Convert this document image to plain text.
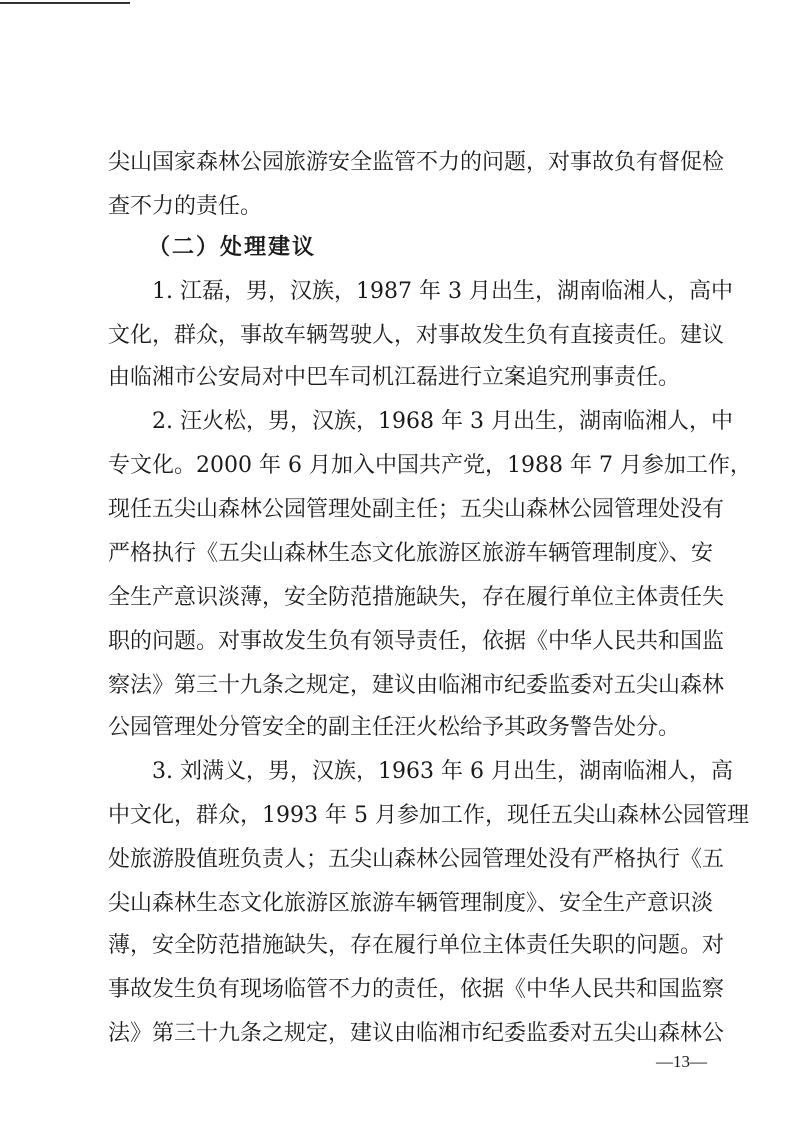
尖山国家森林公园旅游安全监管不力的问题，对事故负有督促检
查不力的责任。
（二）处理建议
1. 江磊，男，汉族，1987 年 3 月出生，湖南临湘人，高中
文化，群众，事故车辆驾驶人，对事故发生负有直接责任。建议
由临湘市公安局对中巴车司机江磊进行立案追究刑事责任。
2. 汪火松，男，汉族，1968 年 3 月出生，湖南临湘人，中
专文化。2000 年 6 月加入中国共产党，1988 年 7 月参加工作，
现任五尖山森林公园管理处副主任；五尖山森林公园管理处没有
严格执行《五尖山森林生态文化旅游区旅游车辆管理制度》、安
全生产意识淡薄，安全防范措施缺失，存在履行单位主体责任失
职的问题。对事故发生负有领导责任，依据《中华人民共和国监
察法》第三十九条之规定，建议由临湘市纪委监委对五尖山森林
公园管理处分管安全的副主任汪火松给予其政务警告处分。
3. 刘满义，男，汉族，1963 年 6 月出生，湖南临湘人，高
中文化，群众，1993 年 5 月参加工作，现任五尖山森林公园管理
处旅游股值班负责人；五尖山森林公园管理处没有严格执行《五
尖山森林生态文化旅游区旅游车辆管理制度》、安全生产意识淡
薄，安全防范措施缺失，存在履行单位主体责任失职的问题。对
事故发生负有现场临管不力的责任，依据《中华人民共和国监察
法》第三十九条之规定，建议由临湘市纪委监委对五尖山森林公
—13—
